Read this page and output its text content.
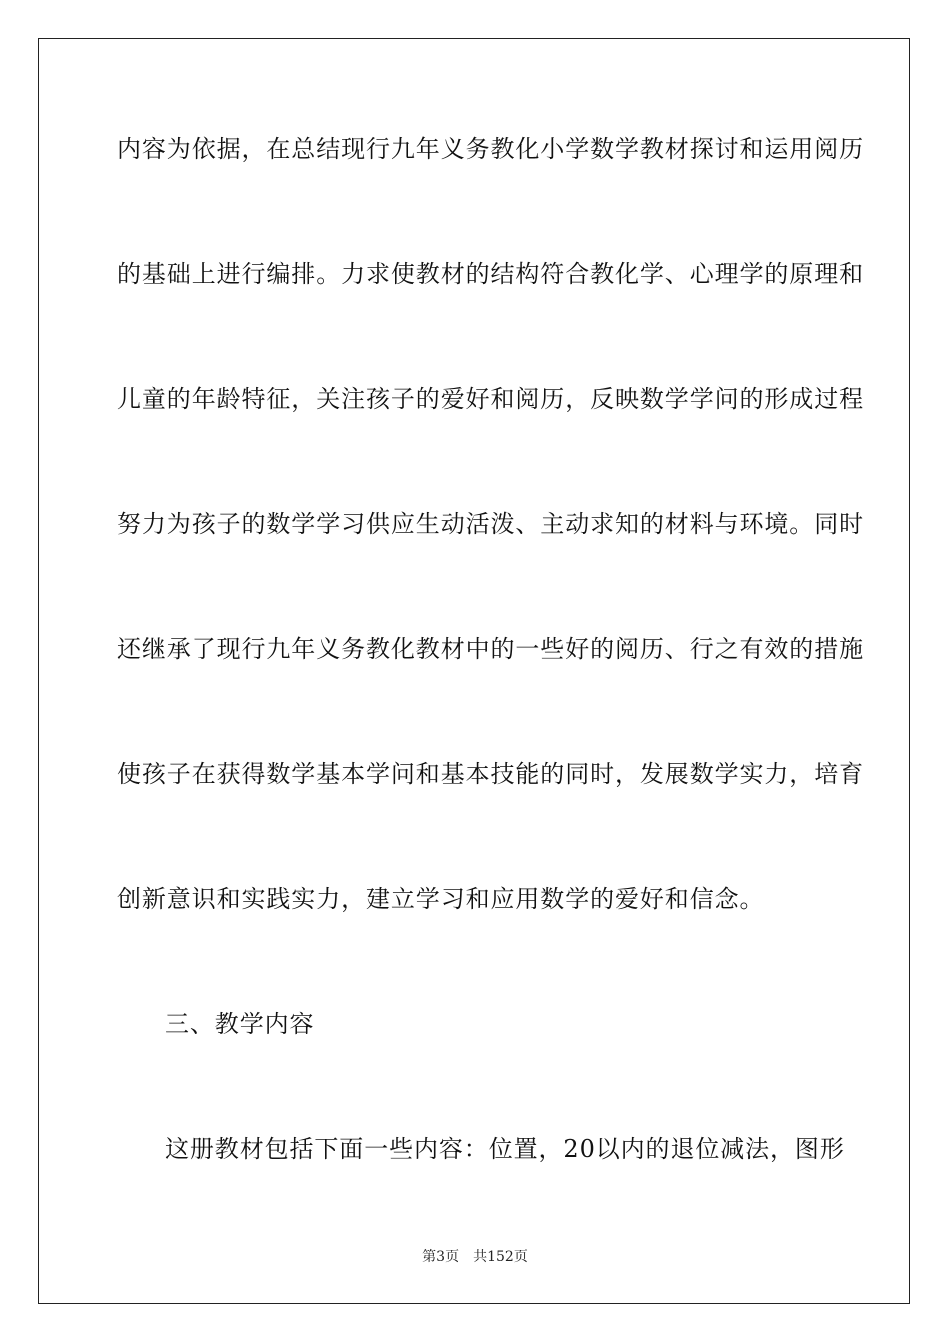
内容为依据，在总结现行九年义务教化小学数学教材探讨和运用阅历
的基础上进行编排。力求使教材的结构符合教化学、心理学的原理和
儿童的年龄特征，关注孩子的爱好和阅历，反映数学学问的形成过程
努力为孩子的数学学习供应生动活泼、主动求知的材料与环境。同时
还继承了现行九年义务教化教材中的一些好的阅历、行之有效的措施
使孩子在获得数学基本学问和基本技能的同时，发展数学实力，培育
创新意识和实践实力，建立学习和应用数学的爱好和信念。
三、教学内容
这册教材包括下面一些内容：位置，20以内的退位减法，图形
第3页 共152页
